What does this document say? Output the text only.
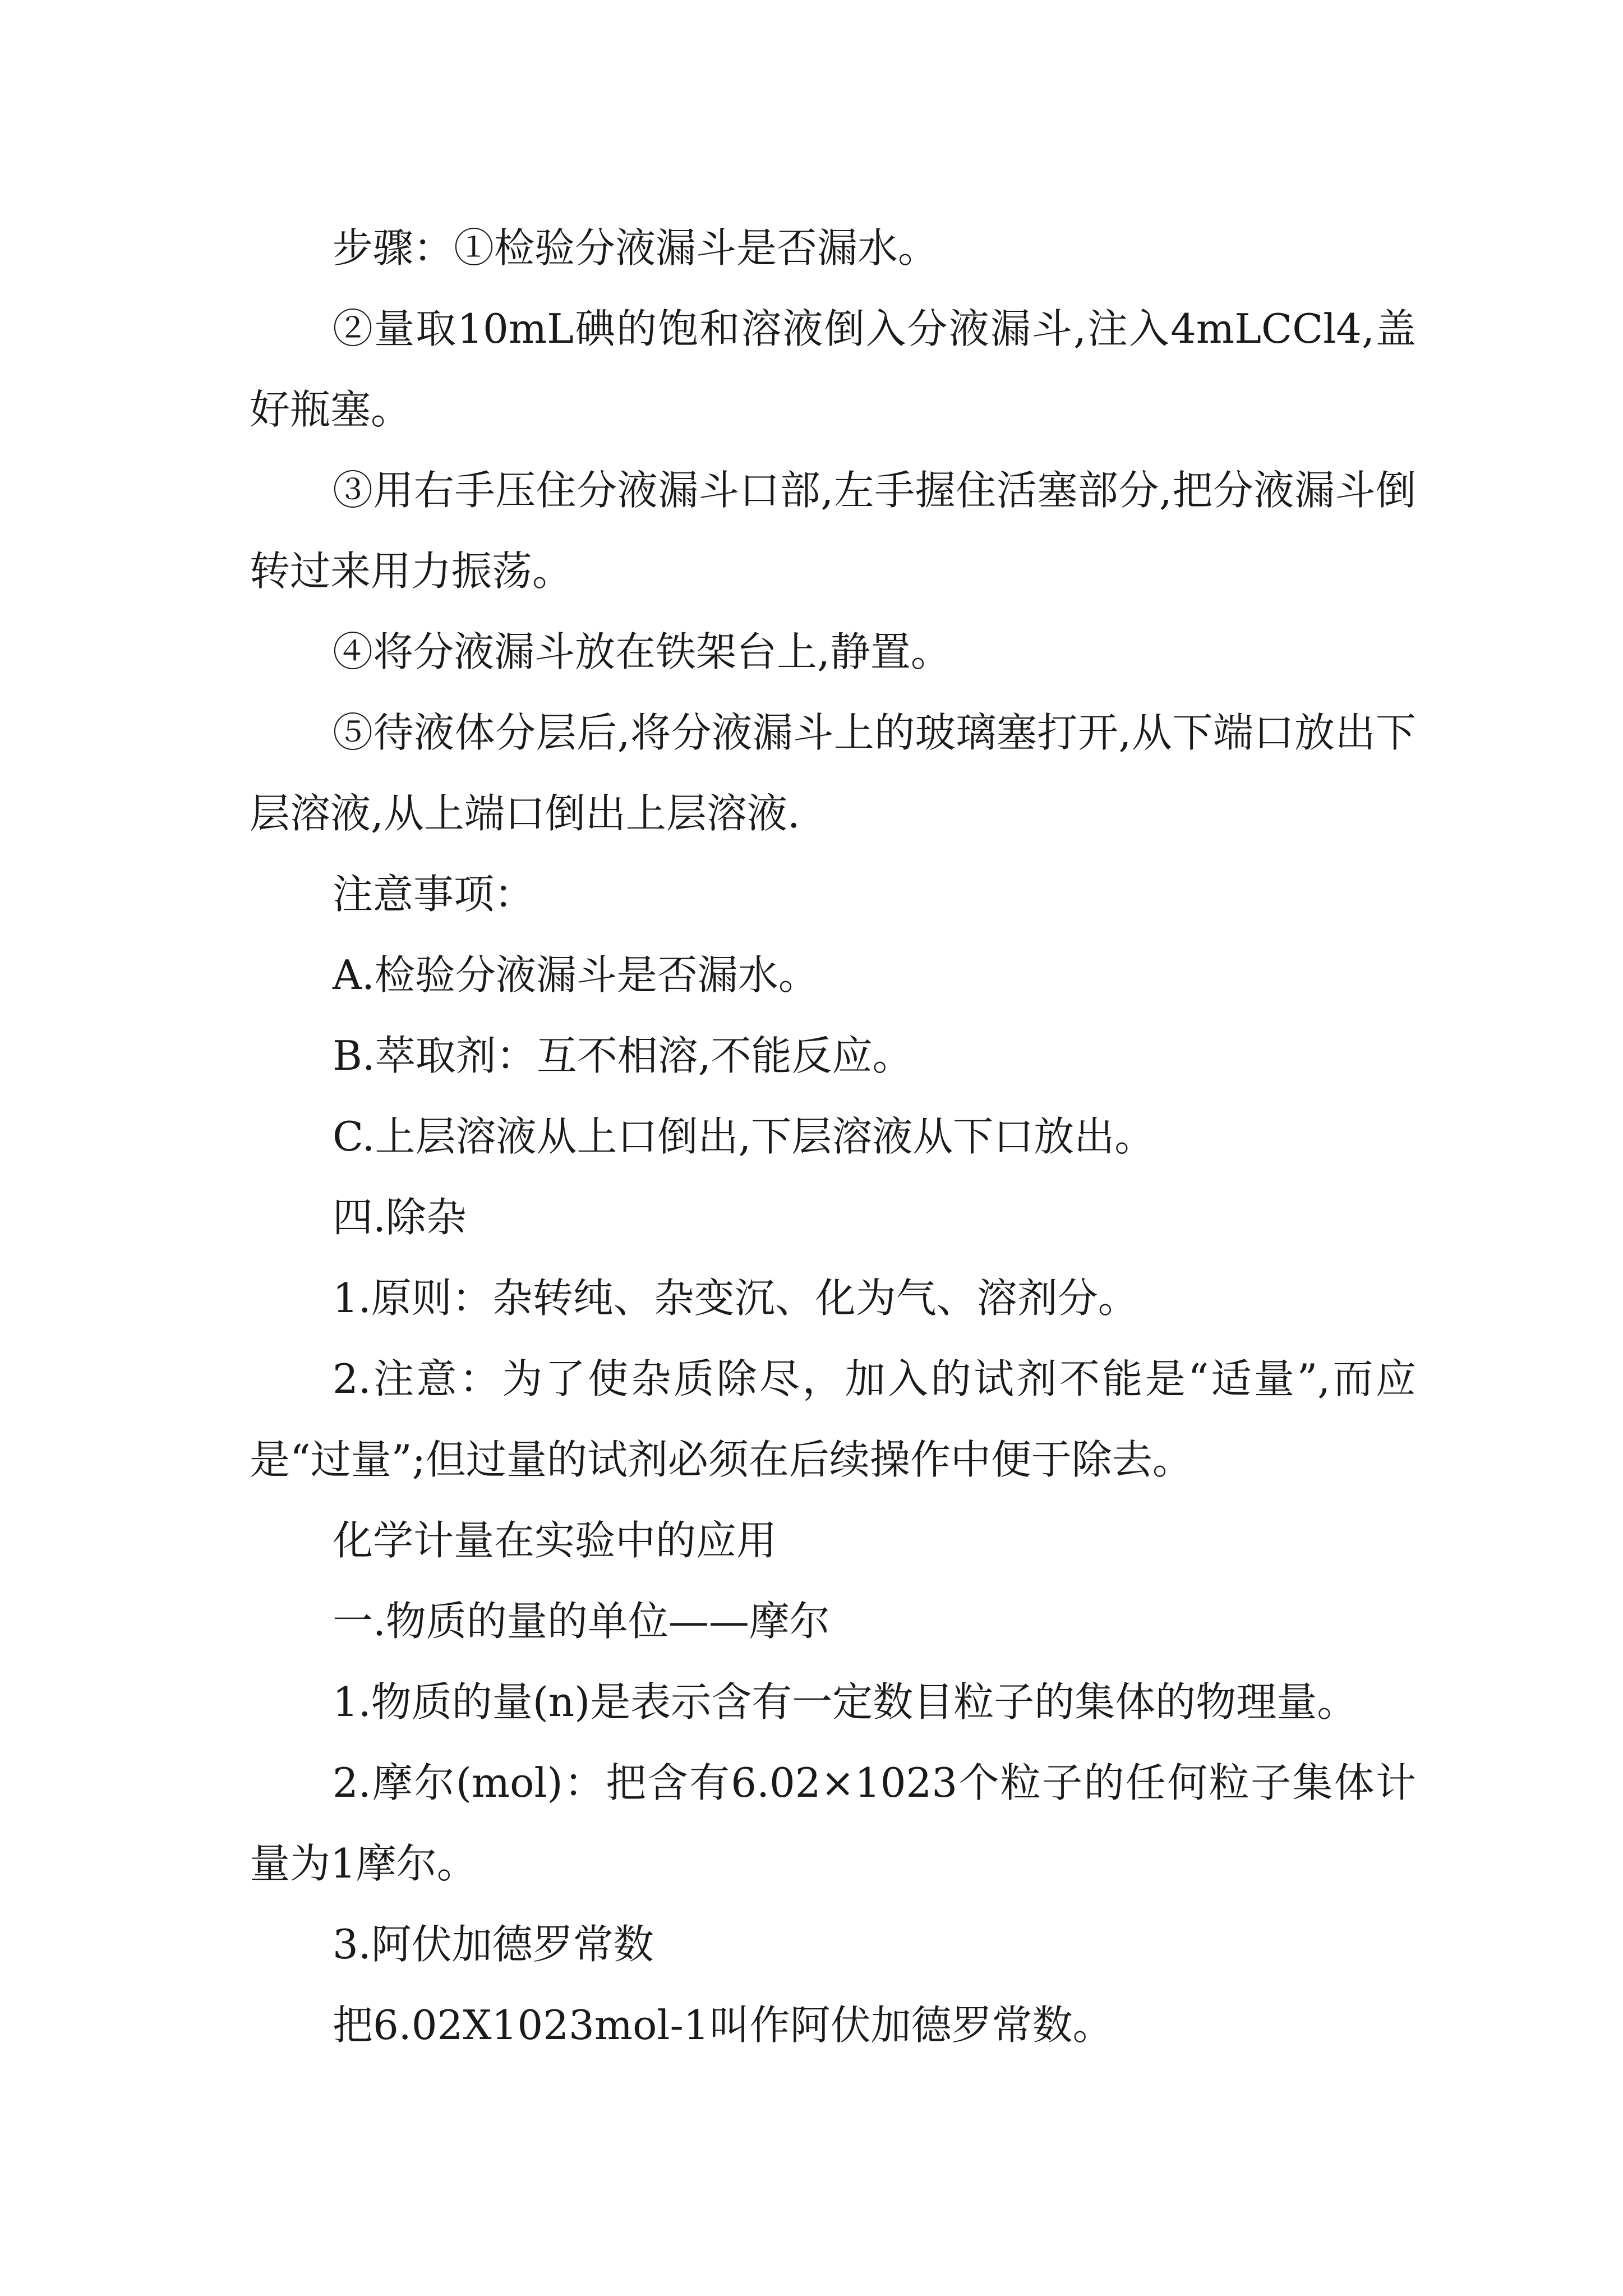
步骤：①检验分液漏斗是否漏水。

②量取10mL碘的饱和溶液倒入分液漏斗,注入4mLCCl4,盖好瓶塞。

③用右手压住分液漏斗口部,左手握住活塞部分,把分液漏斗倒转过来用力振荡。

④将分液漏斗放在铁架台上,静置。

⑤待液体分层后,将分液漏斗上的玻璃塞打开,从下端口放出下层溶液,从上端口倒出上层溶液.

注意事项：

A.检验分液漏斗是否漏水。

B.萃取剂：互不相溶,不能反应。

C.上层溶液从上口倒出,下层溶液从下口放出。

四.除杂

1.原则：杂转纯、杂变沉、化为气、溶剂分。

2.注意：为了使杂质除尽，加入的试剂不能是“适量”,而应是“过量”;但过量的试剂必须在后续操作中便于除去。

化学计量在实验中的应用

一.物质的量的单位——摩尔

1.物质的量(n)是表示含有一定数目粒子的集体的物理量。

2.摩尔(mol)：把含有6.02×1023个粒子的任何粒子集体计量为1摩尔。

3.阿伏加德罗常数

把6.02X1023mol-1叫作阿伏加德罗常数。
